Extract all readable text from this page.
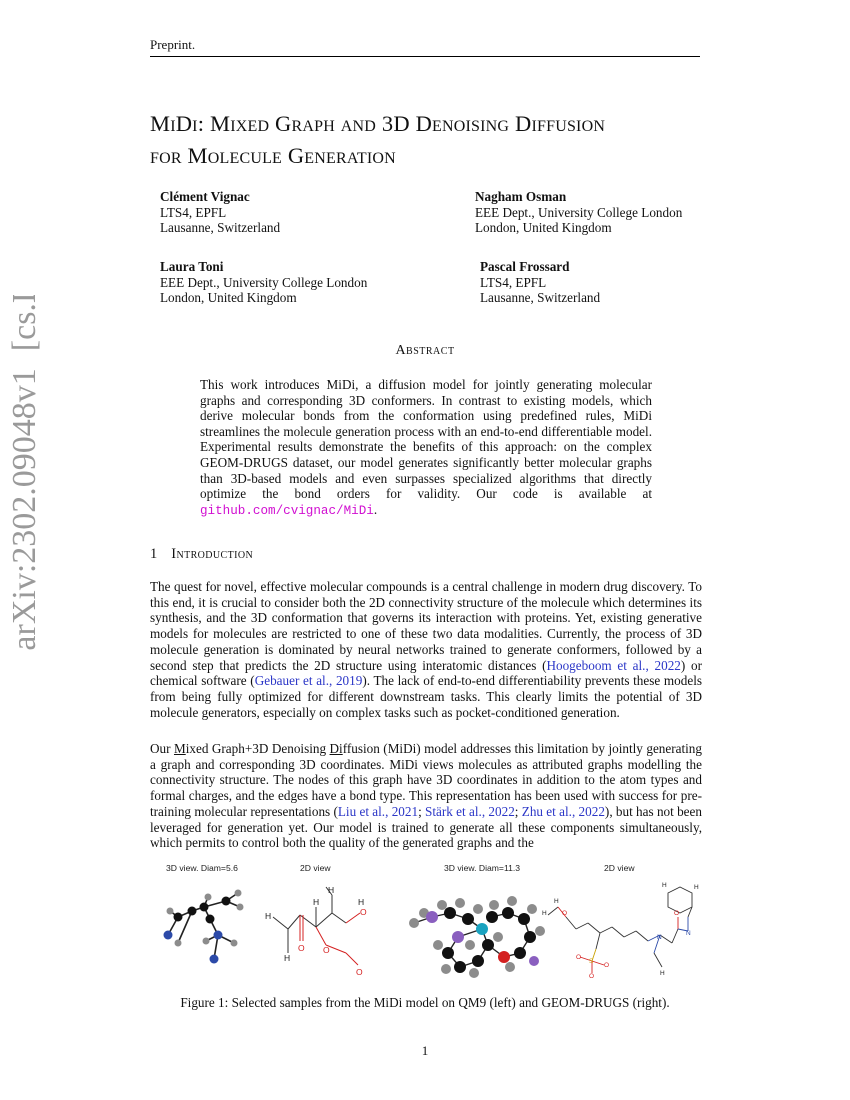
Preprint.
MiDi: Mixed Graph and 3D Denoising Diffusion
for Molecule Generation
Clément Vignac
LTS4, EPFL
Lausanne, Switzerland
Nagham Osman
EEE Dept., University College London
London, United Kingdom
Laura Toni
EEE Dept., University College London
London, United Kingdom
Pascal Frossard
LTS4, EPFL
Lausanne, Switzerland
arXiv:2302.09048v1  [cs.LG]  17 Feb 2023	Abstract
This work introduces MiDi, a diffusion model for jointly generating molecular graphs and corresponding 3D conformers. In contrast to existing models, which derive molecular bonds from the conformation using predefined rules, MiDi streamlines the molecule generation process with an end-to-end differentiable model. Experimental results demonstrate the benefits of this approach: on the complex GEOM-DRUGS dataset, our model generates significantly better molecular graphs than 3D-based models and even surpasses specialized algorithms that directly optimize the bond orders for validity. Our code is available at github.com/cvignac/MiDi.
1 Introduction
The quest for novel, effective molecular compounds is a central challenge in modern drug discovery. To this end, it is crucial to consider both the 2D connectivity structure of the molecule which determines its synthesis, and the 3D conformation that governs its interaction with proteins. Yet, existing generative models for molecules are restricted to one of these two data modalities. Currently, the process of 3D molecule generation is dominated by neural networks trained to generate conformers, followed by a second step that predicts the 2D structure using interatomic distances (Hoogeboom et al., 2022) or chemical software (Gebauer et al., 2019). The lack of end-to-end differentiability prevents these models from being fully optimized for different downstream tasks. This clearly limits the potential of 3D molecule generators, especially on complex tasks such as pocket-conditioned generation.
Our Mixed Graph+3D Denoising Diffusion (MiDi) model addresses this limitation by jointly generating a graph and corresponding 3D coordinates. MiDi views molecules as attributed graphs modelling the connectivity structure. The nodes of this graph have 3D coordinates in addition to the atom types and formal charges, and the edges have a bond type. This representation has been used with success for pre-training molecular representations (Liu et al., 2021; Stärk et al., 2022; Zhu et al., 2022), but has not been leveraged for generation yet. Our model is trained to generate all these components simultaneously, which permits to control both the quality of the generated graphs and the
3D view. Diam=5.6	2D view	3D view. Diam=11.3	2D view
H
H
H
H
O O
O
O
H
O	O
N
N
S
O
O
O
H
H
H	H
H
Figure 1: Selected samples from the MiDi model on QM9 (left) and GEOM-DRUGS (right).
1
